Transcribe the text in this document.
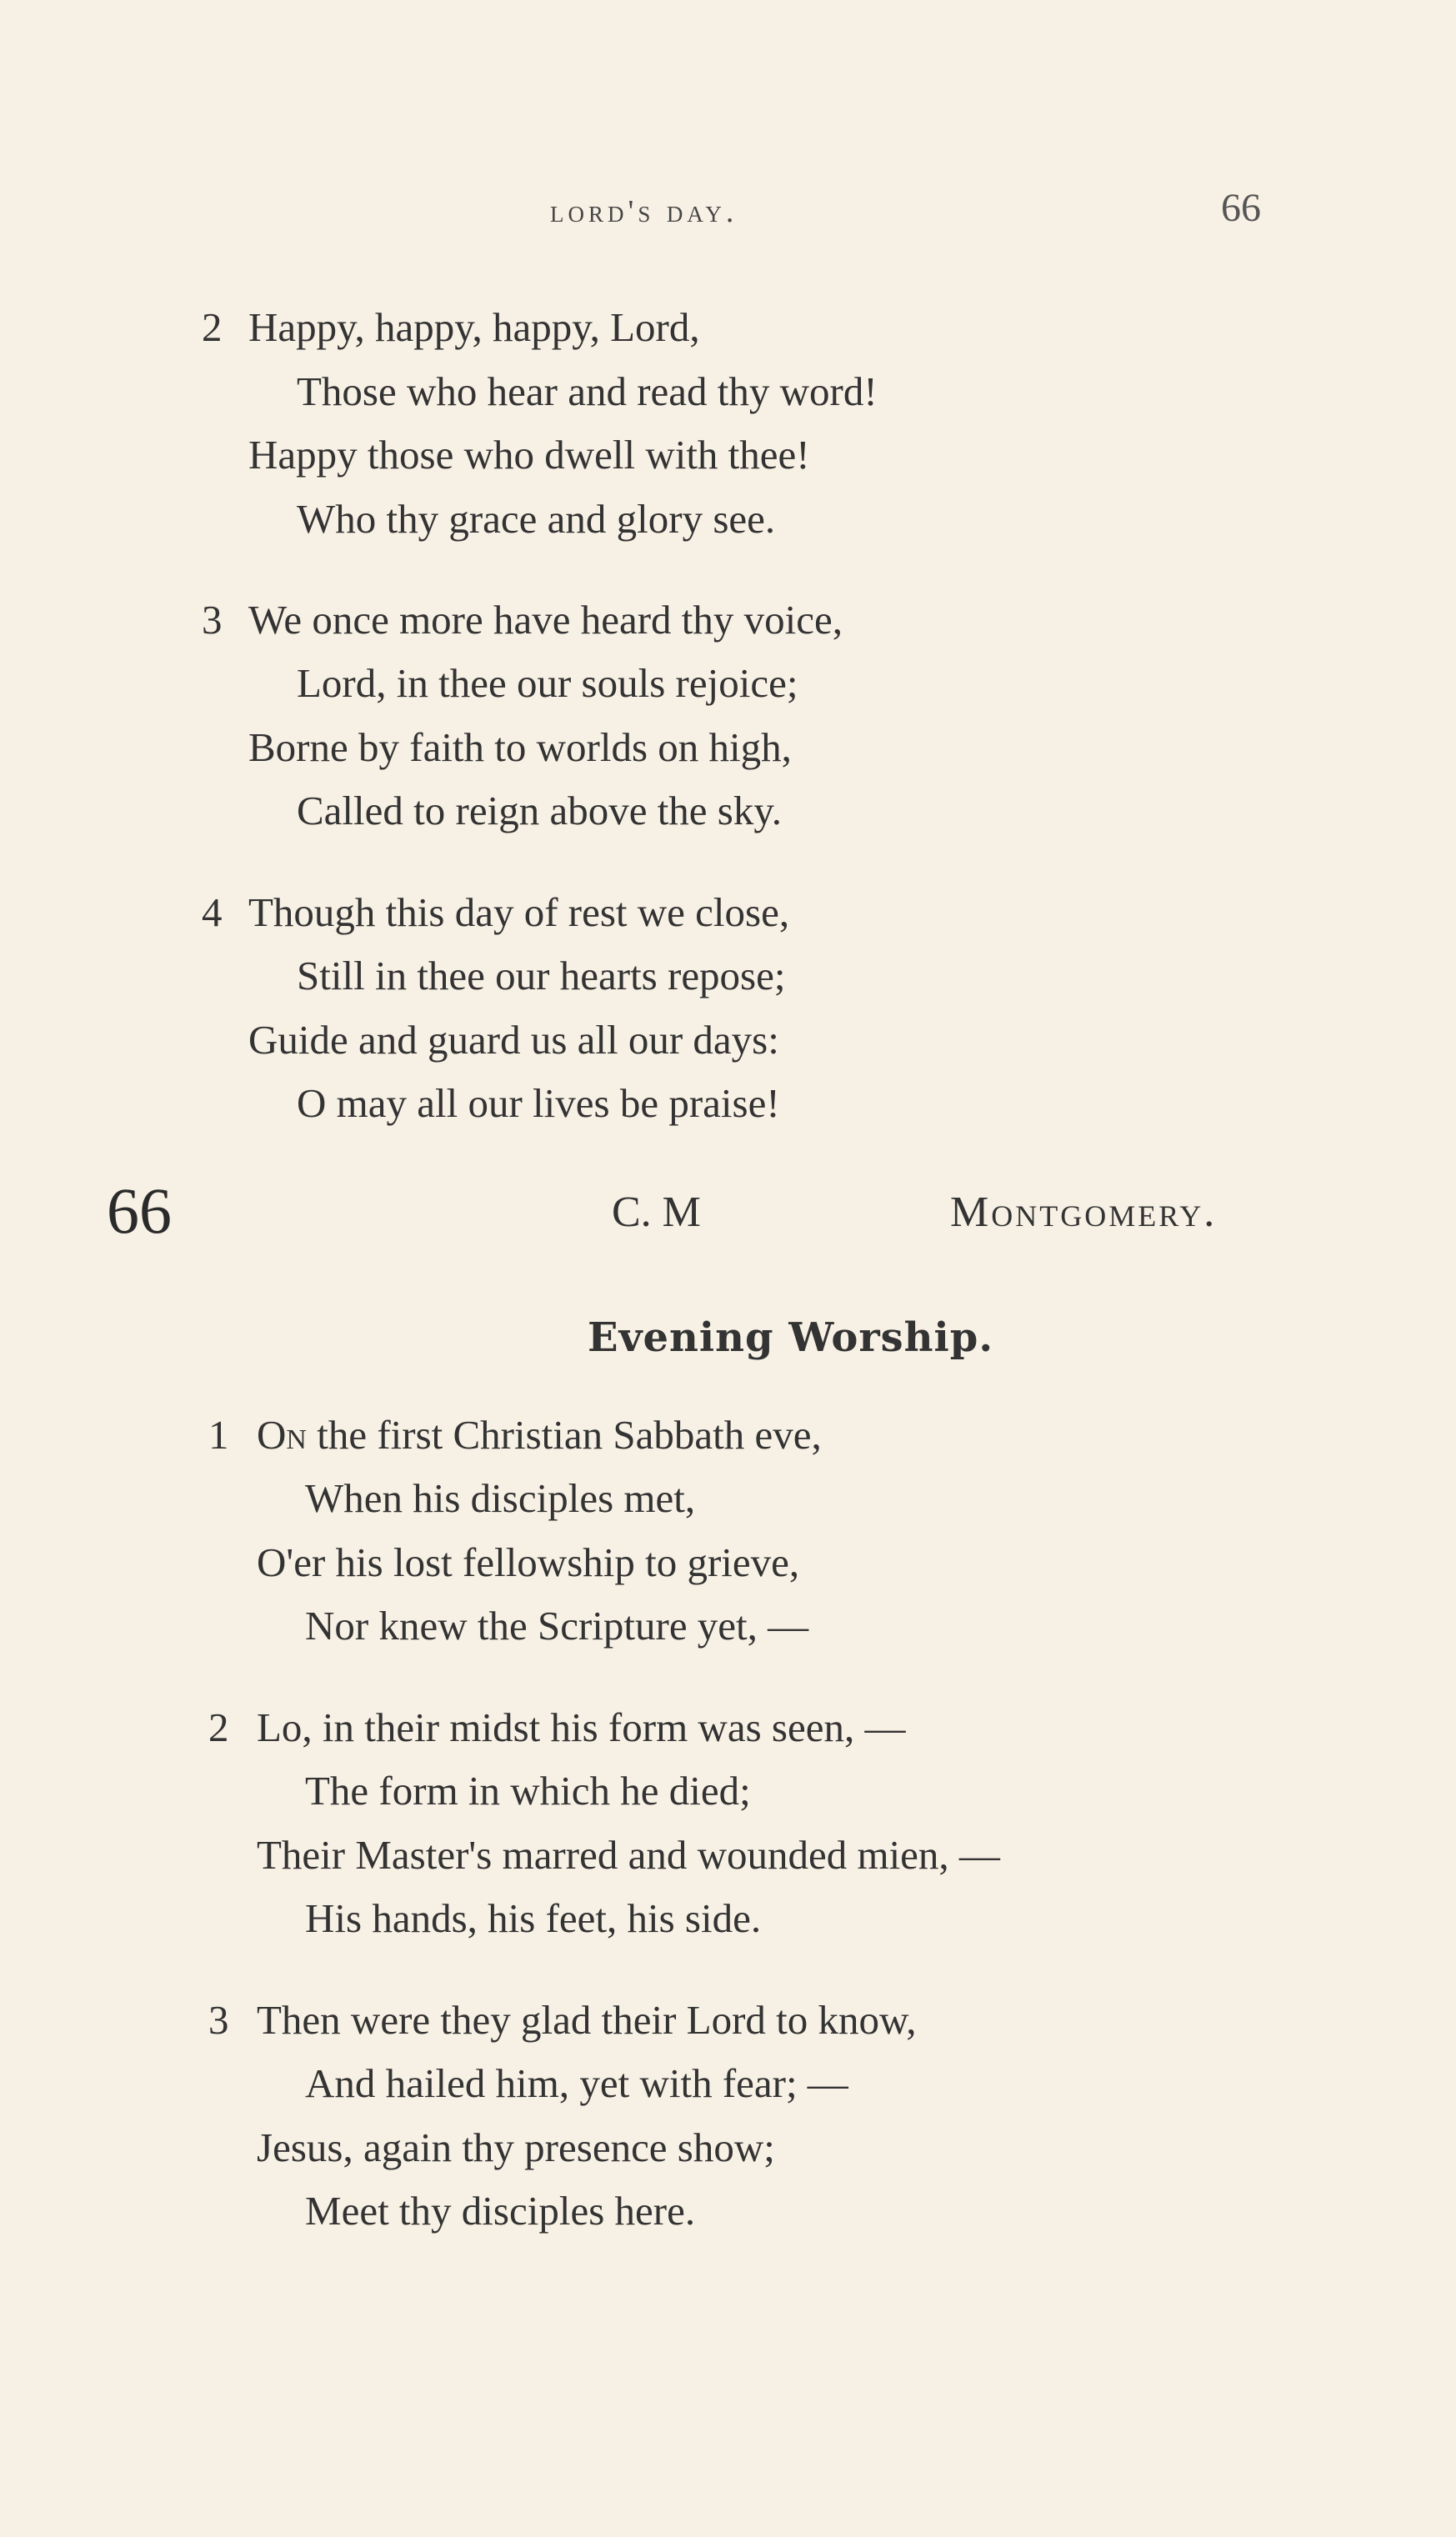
lord's day.	66
2 Happy, happy, happy, Lord,
Those who hear and read thy word!
Happy those who dwell with thee!
Who thy grace and glory see.
3 We once more have heard thy voice,
Lord, in thee our souls rejoice;
Borne by faith to worlds on high,
Called to reign above the sky.
4 Though this day of rest we close,
Still in thee our hearts repose;
Guide and guard us all our days:
O may all our lives be praise!
66	C. M	Montgomery.
Evening Worship.
1 On the first Christian Sabbath eve,
When his disciples met,
O'er his lost fellowship to grieve,
Nor knew the Scripture yet, —
2 Lo, in their midst his form was seen, —
The form in which he died;
Their Master's marred and wounded mien, —
His hands, his feet, his side.
3 Then were they glad their Lord to know,
And hailed him, yet with fear; —
Jesus, again thy presence show;
Meet thy disciples here.
